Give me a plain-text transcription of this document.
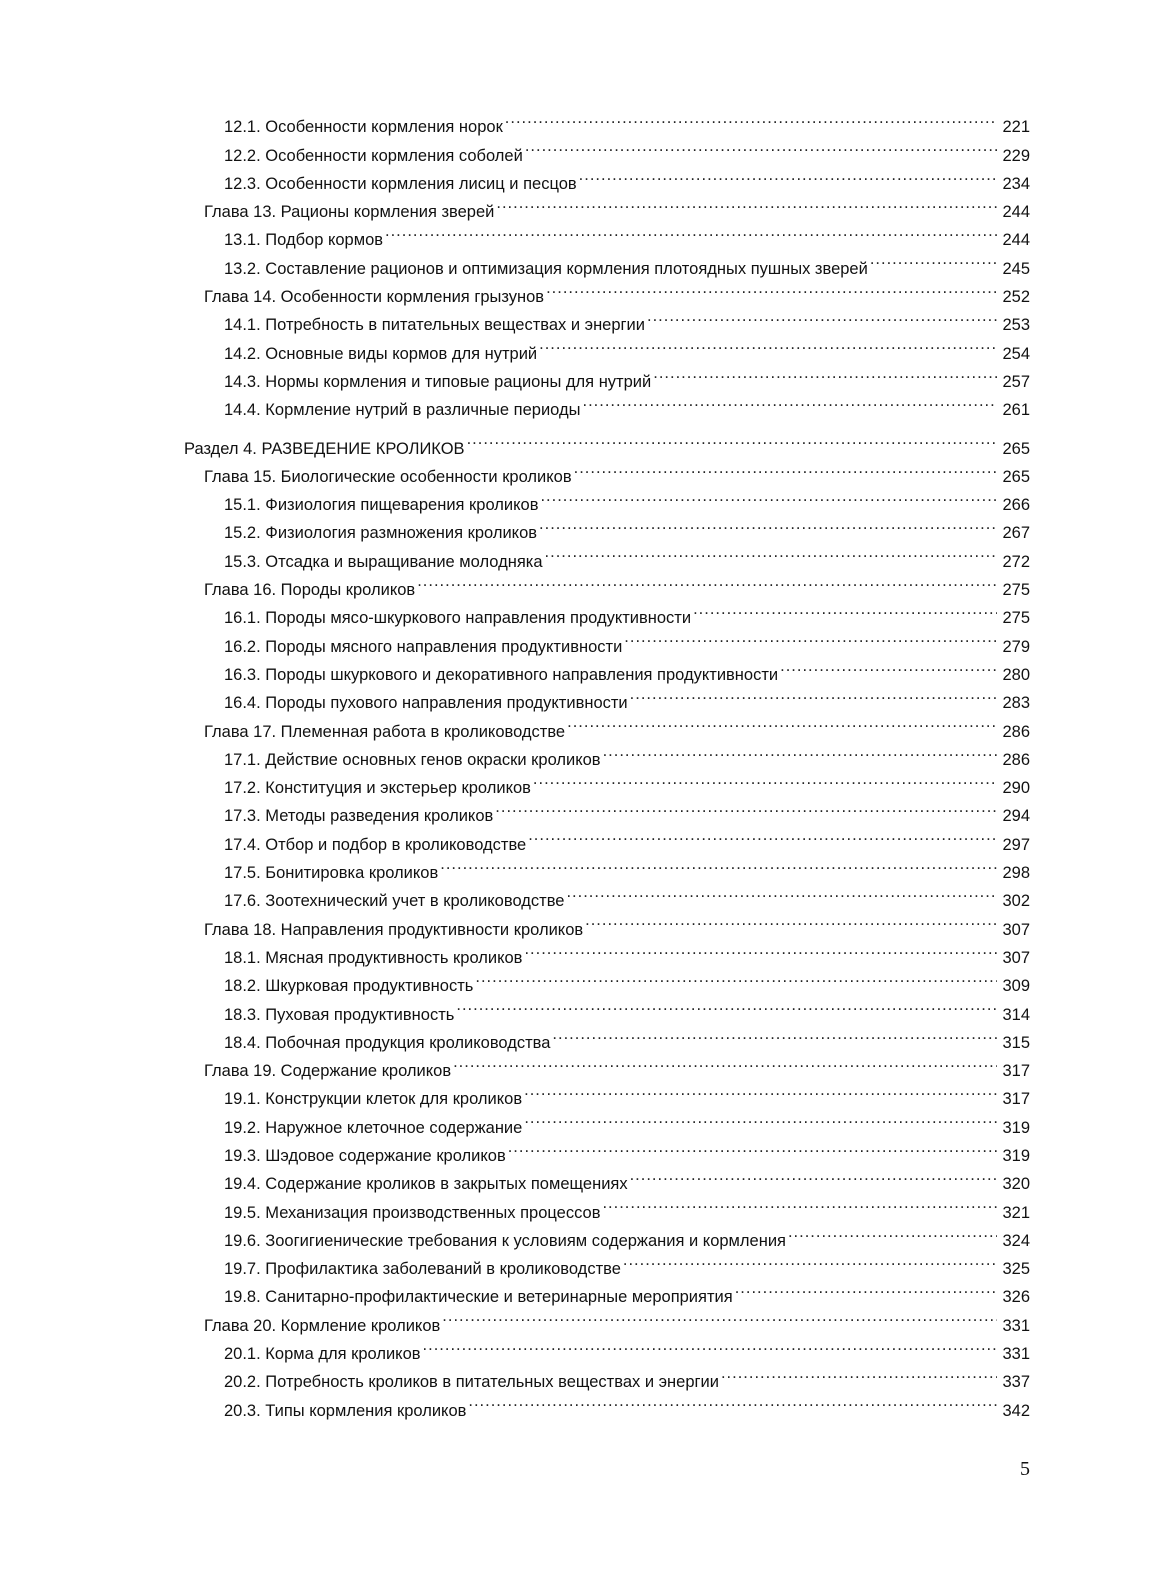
12.1. Особенности кормления норок .....	221
12.2. Особенности кормления соболей .....	229
12.3. Особенности кормления лисиц и песцов .....	234
Глава 13. Рационы кормления зверей .....	244
13.1. Подбор кормов .....	244
13.2. Составление рационов и оптимизация кормления плотоядных пушных зверей .....	245
Глава 14. Особенности кормления грызунов .....	252
14.1. Потребность в питательных веществах и энергии .....	253
14.2. Основные виды кормов для нутрий .....	254
14.3. Нормы кормления и типовые рационы для нутрий .....	257
14.4. Кормление нутрий в различные периоды .....	261
Раздел 4. РАЗВЕДЕНИЕ КРОЛИКОВ .....	265
Глава 15. Биологические особенности кроликов .....	265
15.1. Физиология пищеварения кроликов .....	266
15.2. Физиология размножения кроликов .....	267
15.3. Отсадка и выращивание молодняка .....	272
Глава 16. Породы кроликов .....	275
16.1. Породы мясо-шкуркового направления продуктивности .....	275
16.2. Породы мясного направления продуктивности .....	279
16.3. Породы шкуркового и декоративного направления продуктивности .....	280
16.4. Породы пухового направления продуктивности .....	283
Глава 17. Племенная работа в кролиководстве .....	286
17.1. Действие основных генов окраски кроликов .....	286
17.2. Конституция и экстерьер кроликов .....	290
17.3. Методы разведения кроликов .....	294
17.4. Отбор и подбор в кролиководстве .....	297
17.5. Бонитировка кроликов .....	298
17.6. Зоотехнический учет в кролиководстве .....	302
Глава 18. Направления продуктивности кроликов .....	307
18.1. Мясная продуктивность кроликов .....	307
18.2. Шкурковая продуктивность .....	309
18.3. Пуховая продуктивность .....	314
18.4. Побочная продукция кролиководства .....	315
Глава 19. Содержание кроликов .....	317
19.1. Конструкции клеток для кроликов .....	317
19.2. Наружное клеточное содержание .....	319
19.3. Шэдовое содержание кроликов .....	319
19.4. Содержание кроликов в закрытых помещениях .....	320
19.5. Механизация производственных процессов .....	321
19.6. Зоогигиенические требования к условиям содержания и кормления .....	324
19.7. Профилактика заболеваний в кролиководстве .....	325
19.8. Санитарно-профилактические и ветеринарные мероприятия .....	326
Глава 20. Кормление кроликов .....	331
20.1. Корма для кроликов .....	331
20.2. Потребность кроликов в питательных веществах и энергии .....	337
20.3. Типы кормления кроликов .....	342
5
